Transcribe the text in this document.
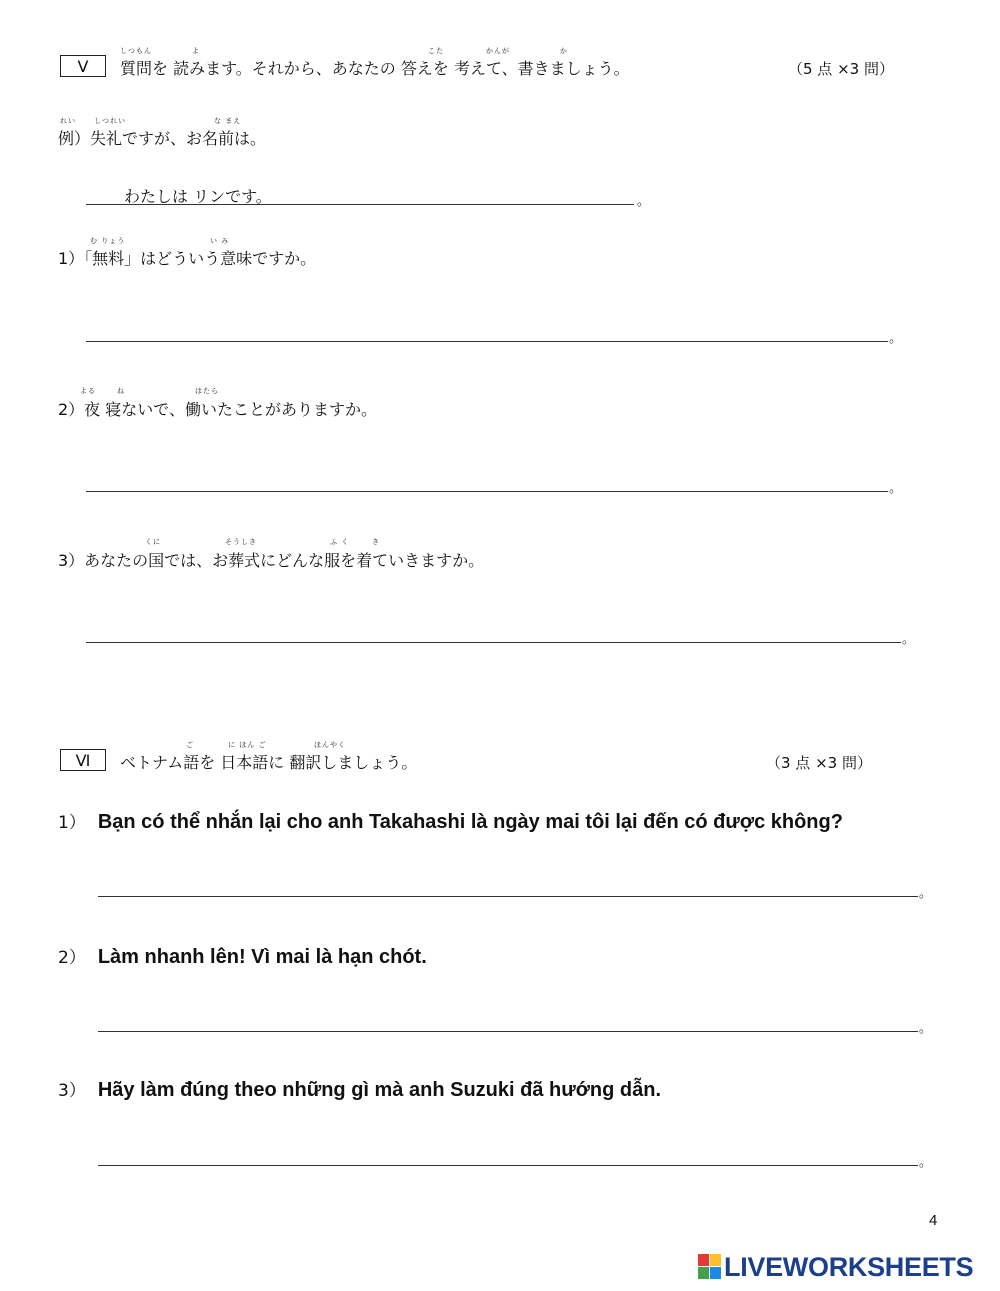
Ⅴ
しつもん	よ	こた	かんが	か
質問を 読みます。それから、あなたの 答えを 考えて、書きましょう。	（5 点 ×3 問）
れい	しつれい	な まえ
例）失礼ですが、お名前は。
わたしは リンです。	。
む りょう	い み
1）「無料」はどういう意味ですか。
。
よる	ね	はたら
2）夜 寝ないで、働いたことがありますか。
。
くに	そうしき	ふ く	き
3）あなたの国では、お葬式にどんな服を着ていきますか。
。
Ⅵ
ご	に ほん ご	ほんやく
ベトナム語を 日本語に 翻訳しましょう。	（3 点 ×3 問）
1） Bạn có thể nhắn lại cho anh Takahashi là ngày mai tôi lại đến có được không?
。
2） Làm nhanh lên! Vì mai là hạn chót.
。
3） Hãy làm đúng theo những gì mà anh Suzuki đã hướng dẫn.
。
4
LIVEWORKSHEETS
